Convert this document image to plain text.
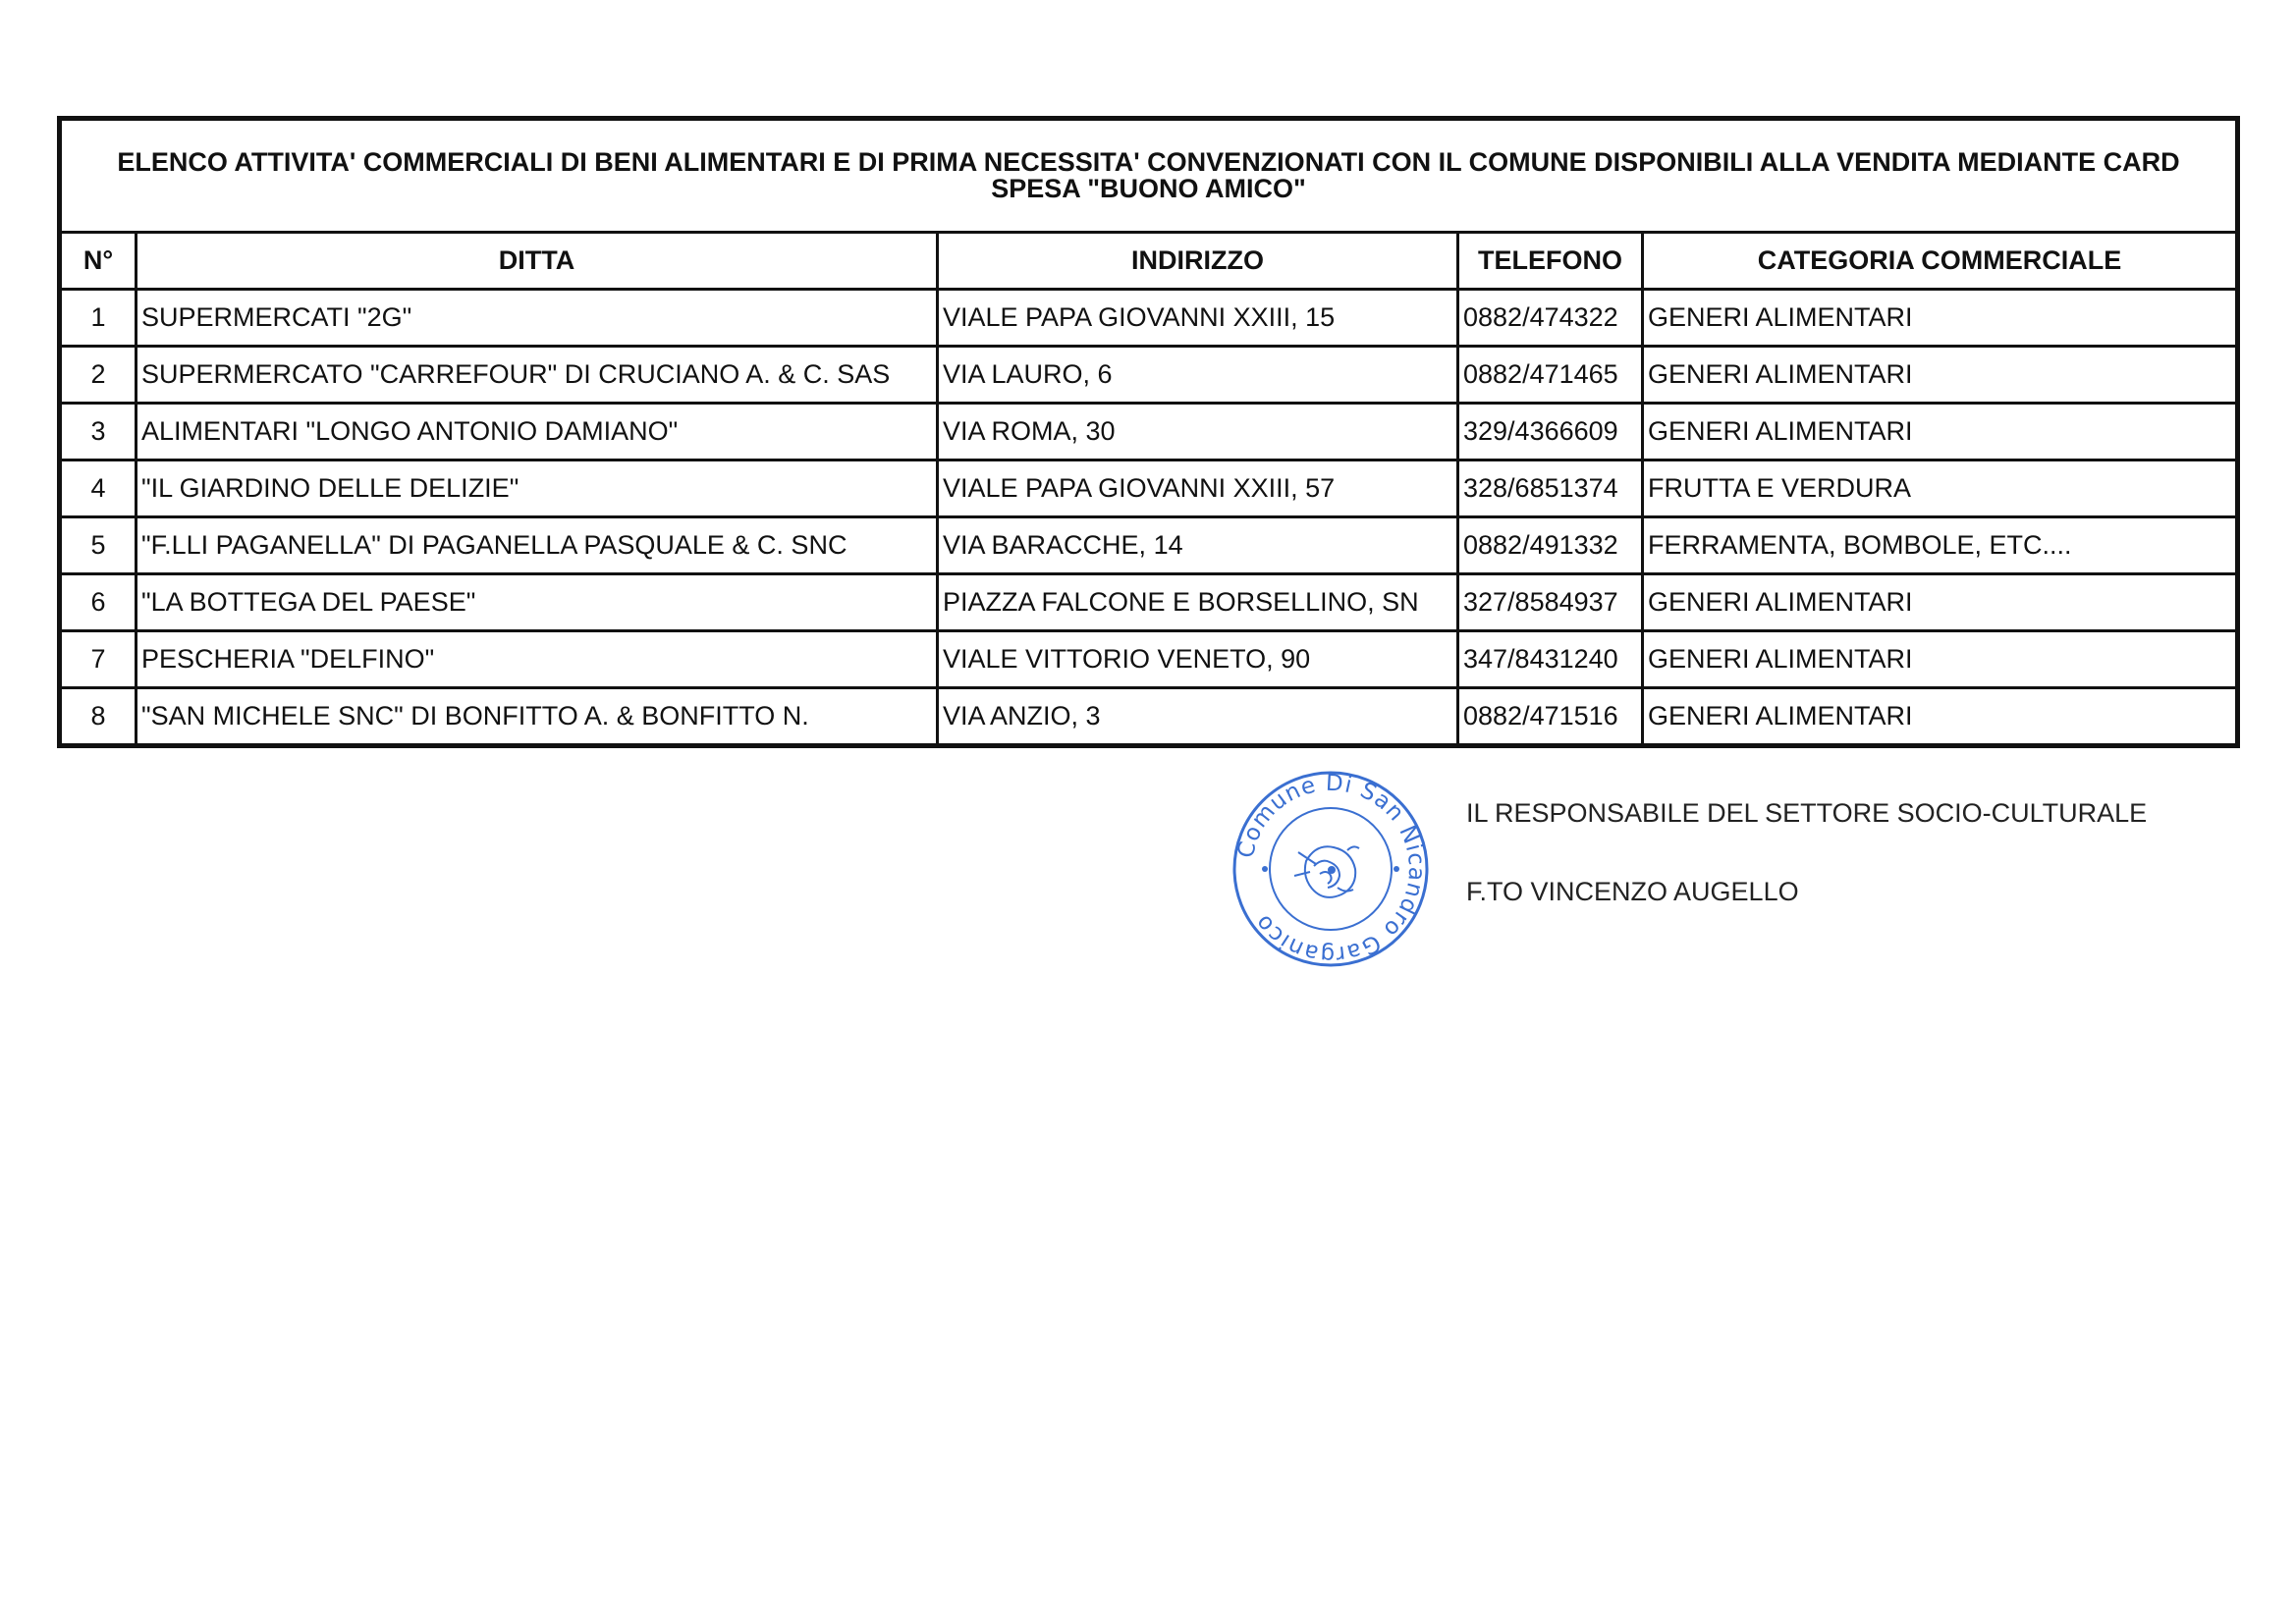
ELENCO ATTIVITA' COMMERCIALI DI BENI ALIMENTARI E DI PRIMA NECESSITA' CONVENZIONATI CON IL COMUNE DISPONIBILI ALLA VENDITA MEDIANTE CARD SPESA "BUONO AMICO"				
N°	DITTA	INDIRIZZO	TELEFONO	CATEGORIA COMMERCIALE
1	SUPERMERCATI "2G"	VIALE PAPA GIOVANNI XXIII, 15	0882/474322	GENERI ALIMENTARI
2	SUPERMERCATO "CARREFOUR" DI CRUCIANO A. & C. SAS	VIA LAURO, 6	0882/471465	GENERI ALIMENTARI
3	ALIMENTARI "LONGO ANTONIO DAMIANO"	VIA ROMA, 30	329/4366609	GENERI ALIMENTARI
4	"IL GIARDINO DELLE DELIZIE"	VIALE PAPA GIOVANNI XXIII, 57	328/6851374	FRUTTA E VERDURA
5	"F.LLI PAGANELLA" DI PAGANELLA PASQUALE & C. SNC	VIA BARACCHE, 14	0882/491332	FERRAMENTA, BOMBOLE, ETC....
6	"LA BOTTEGA DEL PAESE"	PIAZZA FALCONE E BORSELLINO, SN	327/8584937	GENERI ALIMENTARI
7	PESCHERIA "DELFINO"	VIALE VITTORIO VENETO, 90	347/8431240	GENERI ALIMENTARI
8	"SAN MICHELE SNC" DI BONFITTO A. & BONFITTO N.	VIA ANZIO, 3	0882/471516	GENERI ALIMENTARI
Comune Di San Nicandro Garganico
IL RESPONSABILE DEL SETTORE SOCIO-CULTURALE
F.TO VINCENZO AUGELLO
